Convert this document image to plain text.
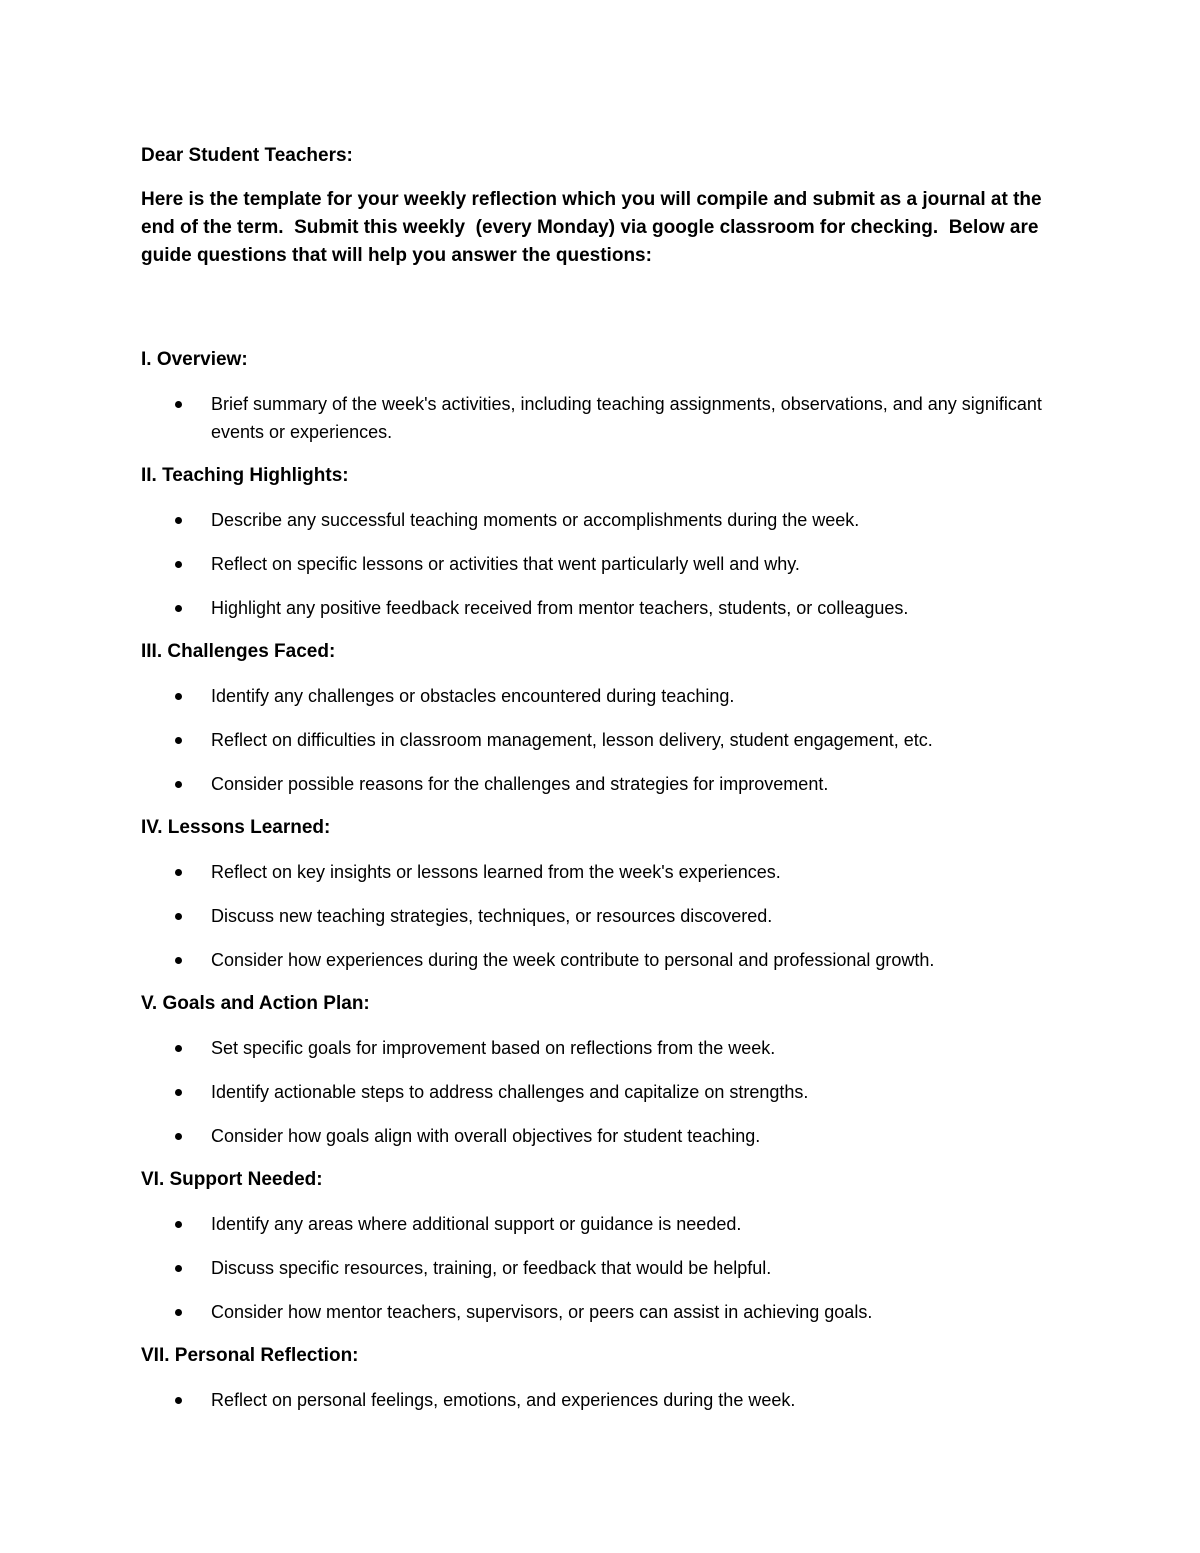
Dear Student Teachers:

Here is the template for your weekly reflection which you will compile and submit as a journal at the end of the term.  Submit this weekly  (every Monday) via google classroom for checking.  Below are guide questions that will help you answer the questions:

I. Overview:

Brief summary of the week's activities, including teaching assignments, observations, and any significant events or experiences.

II. Teaching Highlights:

Describe any successful teaching moments or accomplishments during the week.
Reflect on specific lessons or activities that went particularly well and why.
Highlight any positive feedback received from mentor teachers, students, or colleagues.

III. Challenges Faced:

Identify any challenges or obstacles encountered during teaching.
Reflect on difficulties in classroom management, lesson delivery, student engagement, etc.
Consider possible reasons for the challenges and strategies for improvement.

IV. Lessons Learned:

Reflect on key insights or lessons learned from the week's experiences.
Discuss new teaching strategies, techniques, or resources discovered.
Consider how experiences during the week contribute to personal and professional growth.

V. Goals and Action Plan:

Set specific goals for improvement based on reflections from the week.
Identify actionable steps to address challenges and capitalize on strengths.
Consider how goals align with overall objectives for student teaching.

VI. Support Needed:

Identify any areas where additional support or guidance is needed.
Discuss specific resources, training, or feedback that would be helpful.
Consider how mentor teachers, supervisors, or peers can assist in achieving goals.

VII. Personal Reflection:

Reflect on personal feelings, emotions, and experiences during the week.
